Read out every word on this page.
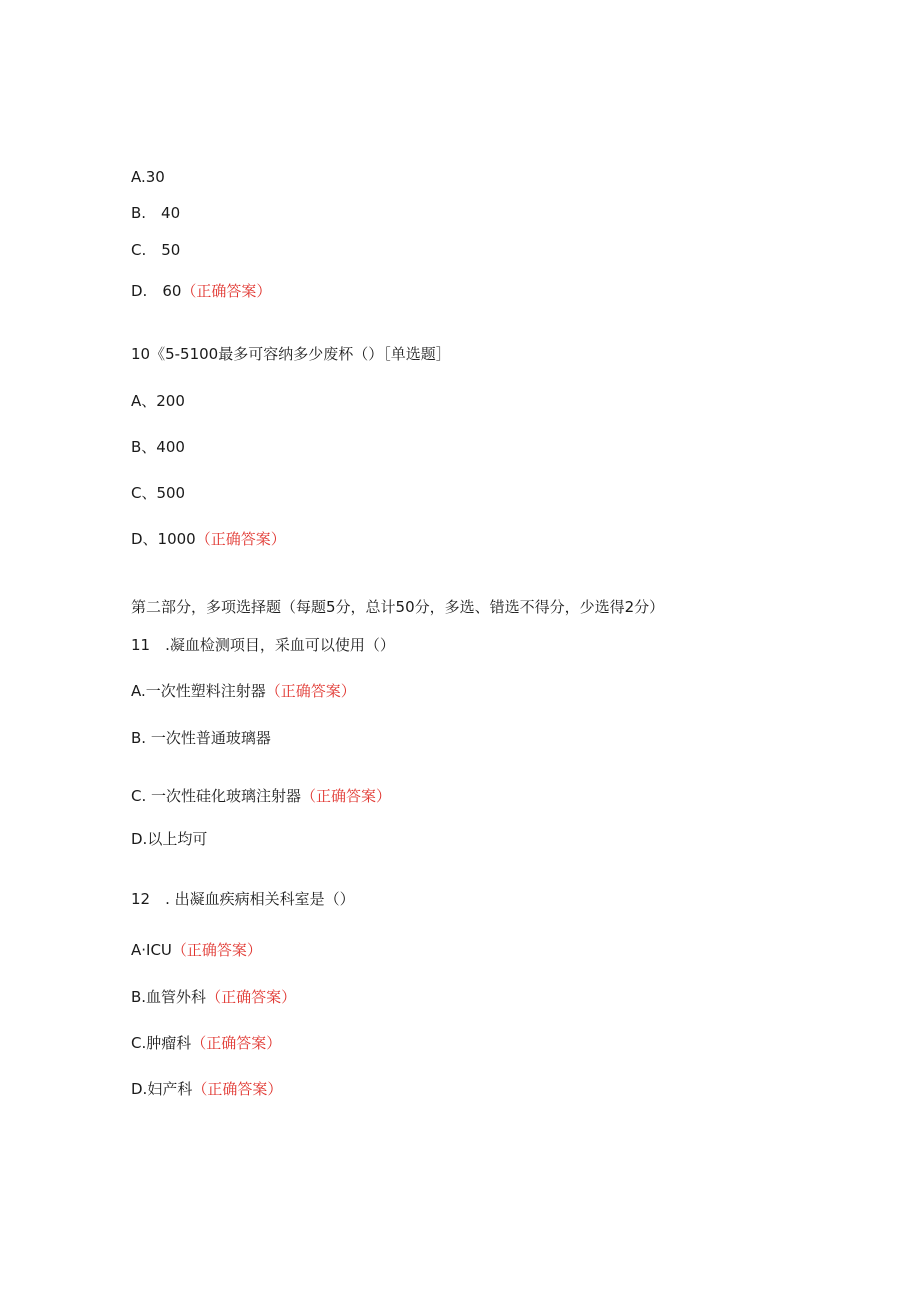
A.30
B.　40
C.　50
D.　60（正确答案）
10《5-5100最多可容纳多少废杯（）［单选题］
A、200
B、400
C、500
D、1000（正确答案）
第二部分，多项选择题（每题5分，总计50分，多选、错选不得分，少选得2分）
11　.凝血检测项目，采血可以使用（）
A.一次性塑料注射器（正确答案）
B. 一次性普通玻璃器
C. 一次性硅化玻璃注射器（正确答案）
D.以上均可
12　. 出凝血疾病相关科室是（）
A·ICU（正确答案）
B.血管外科（正确答案）
C.肿瘤科（正确答案）
D.妇产科（正确答案）
